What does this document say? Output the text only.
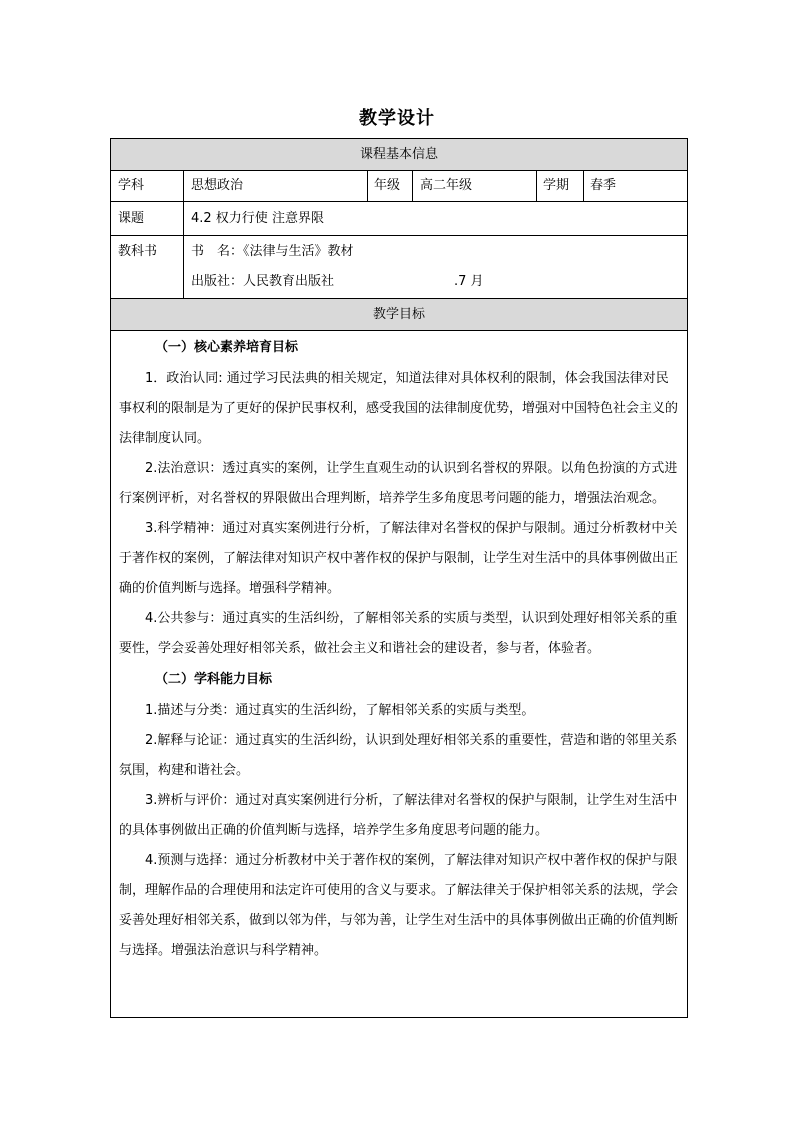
教学设计
课程基本信息
学科	思想政治	年级 高二年级	学期 春季
课题	4.2 权力行使 注意界限
教科书	书　名：《法律与生活》教材
出版社：人民教育出版社	.7 月
教学目标

（一）核心素养培育目标

1．政治认同: 通过学习民法典的相关规定，知道法律对具体权利的限制，体会我国法律对民事权利的限制是为了更好的保护民事权利，感受我国的法律制度优势，增强对中国特色社会主义的法律制度认同。

2.法治意识：透过真实的案例，让学生直观生动的认识到名誉权的界限。以角色扮演的方式进行案例评析，对名誉权的界限做出合理判断，培养学生多角度思考问题的能力，增强法治观念。

3.科学精神：通过对真实案例进行分析，了解法律对名誉权的保护与限制。通过分析教材中关于著作权的案例，了解法律对知识产权中著作权的保护与限制，让学生对生活中的具体事例做出正确的价值判断与选择。增强科学精神。

4.公共参与：通过真实的生活纠纷，了解相邻关系的实质与类型，认识到处理好相邻关系的重要性，学会妥善处理好相邻关系，做社会主义和谐社会的建设者，参与者，体验者。

（二）学科能力目标

1.描述与分类：通过真实的生活纠纷，了解相邻关系的实质与类型。

2.解释与论证：通过真实的生活纠纷，认识到处理好相邻关系的重要性，营造和谐的邻里关系氛围，构建和谐社会。

3.辨析与评价：通过对真实案例进行分析，了解法律对名誉权的保护与限制，让学生对生活中的具体事例做出正确的价值判断与选择，培养学生多角度思考问题的能力。

4.预测与选择：通过分析教材中关于著作权的案例，了解法律对知识产权中著作权的保护与限制，理解作品的合理使用和法定许可使用的含义与要求。了解法律关于保护相邻关系的法规，学会妥善处理好相邻关系，做到以邻为伴，与邻为善，让学生对生活中的具体事例做出正确的价值判断与选择。增强法治意识与科学精神。
